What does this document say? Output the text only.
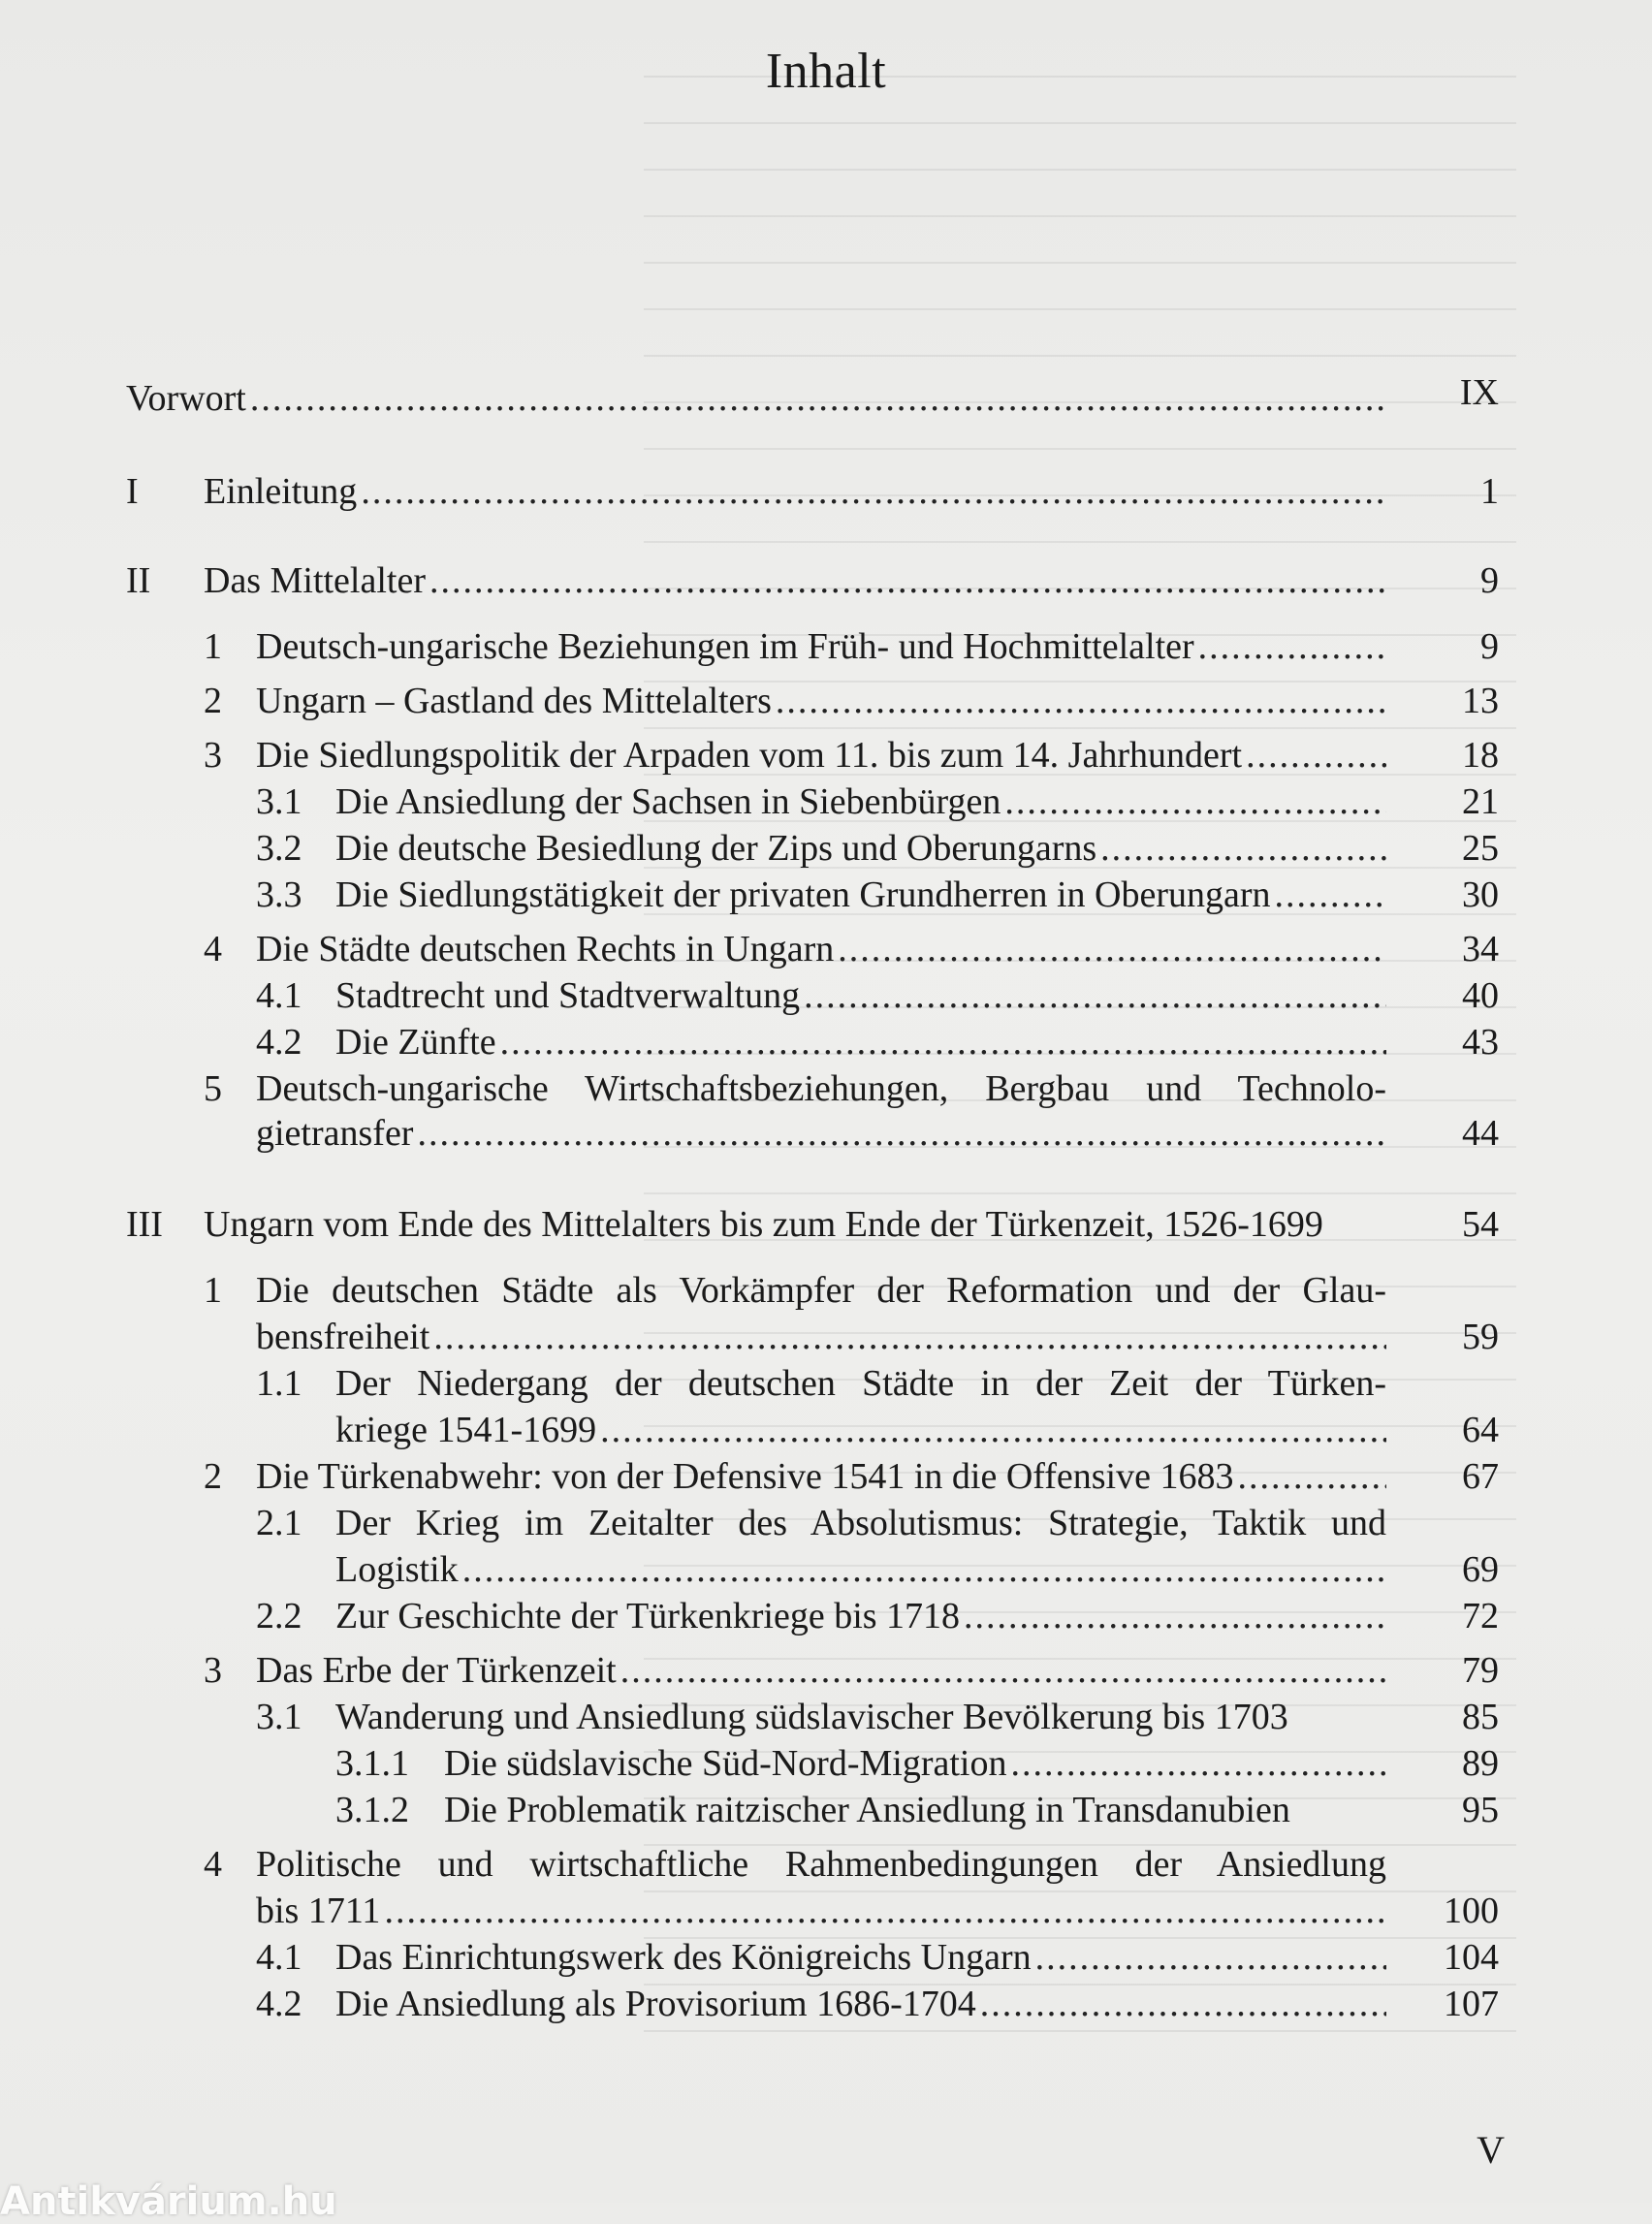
Inhalt
Vorwort .....	IX
I Einleitung .....	1
II Das Mittelalter .....	9
1 Deutsch-ungarische Beziehungen im Früh- und Hochmittelalter .....	9
2 Ungarn – Gastland des Mittelalters .....	13
3 Die Siedlungspolitik der Arpaden vom 11. bis zum 14. Jahrhundert .....	18
3.1 Die Ansiedlung der Sachsen in Siebenbürgen .....	21
3.2 Die deutsche Besiedlung der Zips und Oberungarns .....	25
3.3 Die Siedlungstätigkeit der privaten Grundherren in Oberungarn .....	30
4 Die Städte deutschen Rechts in Ungarn .....	34
4.1 Stadtrecht und Stadtverwaltung .....	40
4.2 Die Zünfte .....	43
5 Deutsch-ungarische Wirtschaftsbeziehungen, Bergbau und Technolo-
gietransfer .....	44
III Ungarn vom Ende des Mittelalters bis zum Ende der Türkenzeit, 1526-1699	54
1 Die deutschen Städte als Vorkämpfer der Reformation und der Glau-
bensfreiheit .....	59
1.1 Der Niedergang der deutschen Städte in der Zeit der Türken-
kriege 1541-1699 .....	64
2 Die Türkenabwehr: von der Defensive 1541 in die Offensive 1683 .....	67
2.1 Der Krieg im Zeitalter des Absolutismus: Strategie, Taktik und
Logistik .....	69
2.2 Zur Geschichte der Türkenkriege bis 1718 .....	72
3 Das Erbe der Türkenzeit .....	79
3.1 Wanderung und Ansiedlung südslavischer Bevölkerung bis 1703	85
3.1.1 Die südslavische Süd-Nord-Migration .....	89
3.1.2 Die Problematik raitzischer Ansiedlung in Transdanubien	95
4 Politische und wirtschaftliche Rahmenbedingungen der Ansiedlung
bis 1711 .....	100
4.1 Das Einrichtungswerk des Königreichs Ungarn .....	104
4.2 Die Ansiedlung als Provisorium 1686-1704 .....	107
V
Antikvárium.hu
